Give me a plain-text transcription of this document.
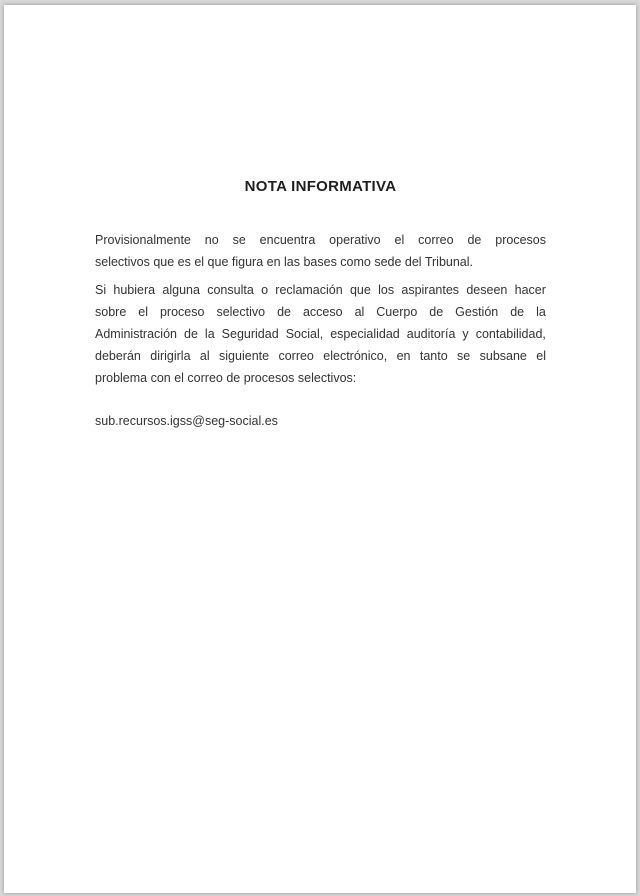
NOTA INFORMATIVA
Provisionalmente no se encuentra operativo el correo de procesos
selectivos que es el que figura en las bases como sede del Tribunal.
Si hubiera alguna consulta o reclamación que los aspirantes deseen hacer
sobre el proceso selectivo de acceso al Cuerpo de Gestión de la
Administración de la Seguridad Social, especialidad auditoría y contabilidad,
deberán dirigirla al siguiente correo electrónico, en tanto se subsane el
problema con el correo de procesos selectivos:
sub.recursos.igss@seg-social.es
